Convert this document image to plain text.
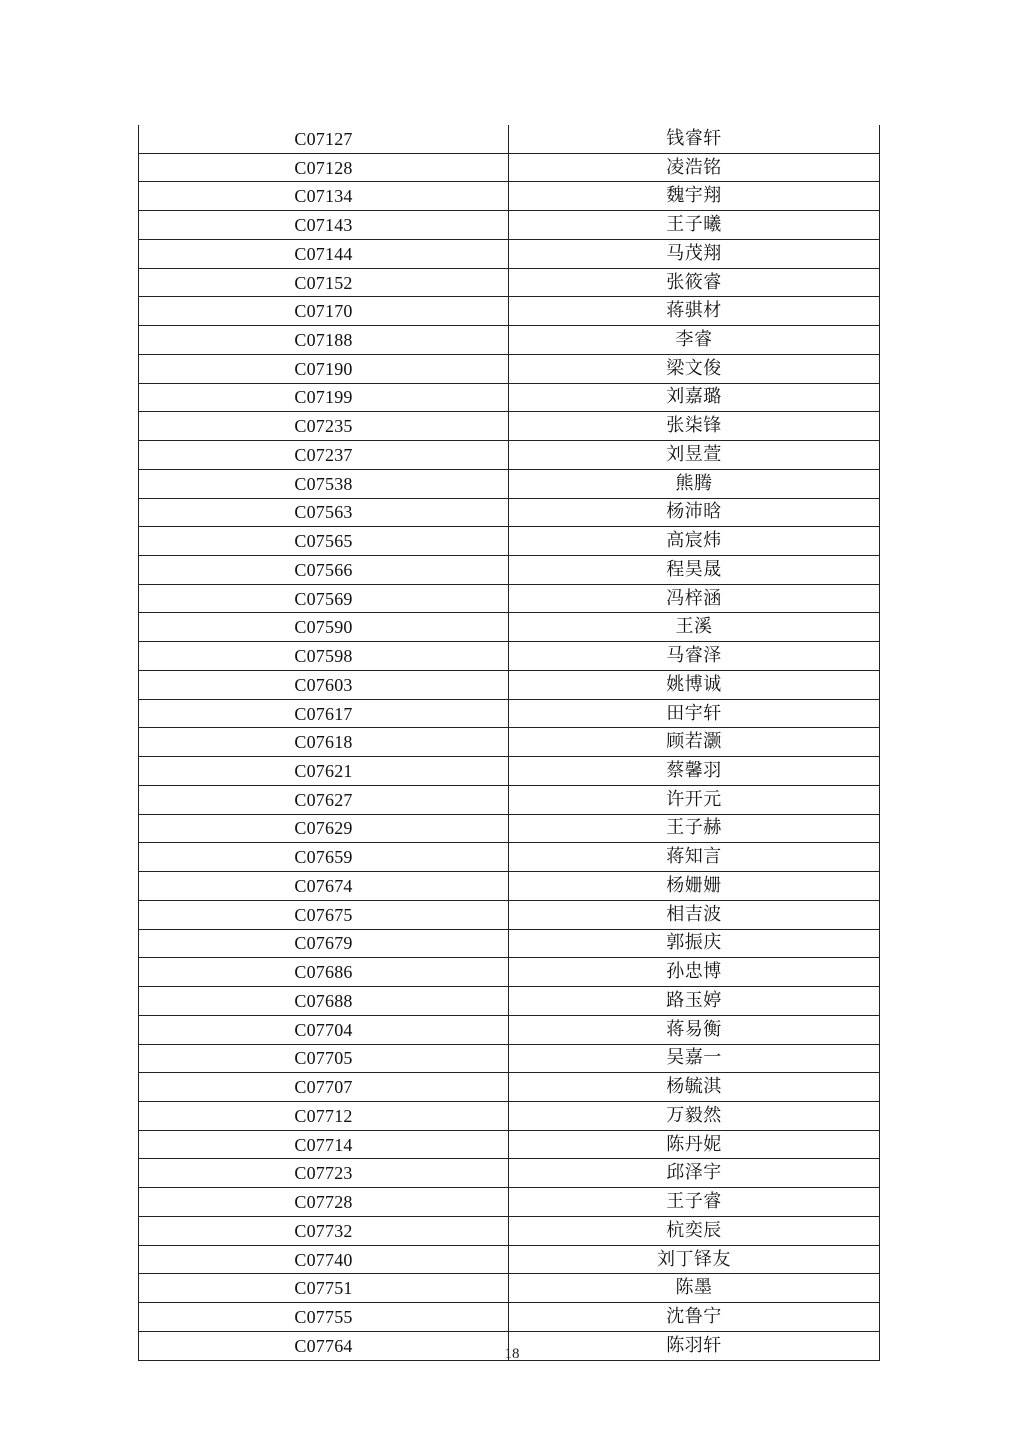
C07127	钱睿轩
C07128	凌浩铭
C07134	魏宇翔
C07143	王子曦
C07144	马茂翔
C07152	张筱睿
C07170	蒋骐材
C07188	李睿
C07190	梁文俊
C07199	刘嘉璐
C07235	张柒锋
C07237	刘昱萱
C07538	熊腾
C07563	杨沛晗
C07565	高宸炜
C07566	程昊晟
C07569	冯梓涵
C07590	王溪
C07598	马睿泽
C07603	姚博诚
C07617	田宇轩
C07618	顾若灏
C07621	蔡馨羽
C07627	许开元
C07629	王子赫
C07659	蒋知言
C07674	杨姗姗
C07675	相吉波
C07679	郭振庆
C07686	孙忠博
C07688	路玉婷
C07704	蒋易衡
C07705	吴嘉一
C07707	杨毓淇
C07712	万毅然
C07714	陈丹妮
C07723	邱泽宇
C07728	王子睿
C07732	杭奕辰
C07740	刘丁铎友
C07751	陈墨
C07755	沈鲁宁
C07764	陈羽轩
18
